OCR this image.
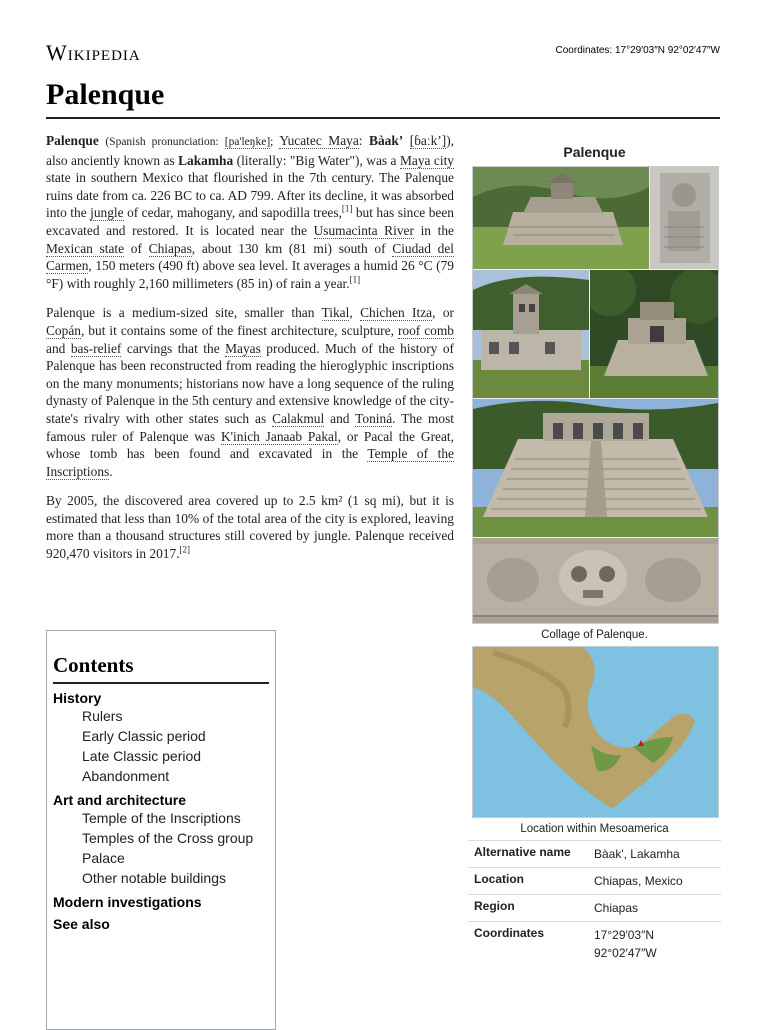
Wikipedia	Coordinates: 17°29′03″N 92°02′47″W
Palenque

Palenque (Spanish pronunciation: [pa'leŋke]; Yucatec Maya: Bàak’ [ɓaːkʼ]), also anciently known as Lakamha (literally: "Big Water"), was a Maya city state in southern Mexico that flourished in the 7th century. The Palenque ruins date from ca. 226 BC to ca. AD 799. After its decline, it was absorbed into the jungle of cedar, mahogany, and sapodilla trees,[1] but has since been excavated and restored. It is located near the Usumacinta River in the Mexican state of Chiapas, about 130 km (81 mi) south of Ciudad del Carmen, 150 meters (490 ft) above sea level. It averages a humid 26 °C (79 °F) with roughly 2,160 millimeters (85 in) of rain a year.[1]

Palenque is a medium-sized site, smaller than Tikal, Chichen Itza, or Copán, but it contains some of the finest architecture, sculpture, roof comb and bas-relief carvings that the Mayas produced. Much of the history of Palenque has been reconstructed from reading the hieroglyphic inscriptions on the many monuments; historians now have a long sequence of the ruling dynasty of Palenque in the 5th century and extensive knowledge of the city-state's rivalry with other states such as Calakmul and Toniná. The most famous ruler of Palenque was K'inich Janaab Pakal, or Pacal the Great, whose tomb has been found and excavated in the Temple of the Inscriptions.

By 2005, the discovered area covered up to 2.5 km² (1 sq mi), but it is estimated that less than 10% of the total area of the city is explored, leaving more than a thousand structures still covered by jungle. Palenque received 920,470 visitors in 2017.[2]

Contents
History
Rulers
Early Classic period
Late Classic period
Abandonment
Art and architecture
Temple of the Inscriptions
Temples of the Cross group
Palace
Other notable buildings
Modern investigations
See also
Palenque
Collage of Palenque.
Location within Mesoamerica
Alternative name	Bàak', Lakamha
Location	Chiapas, Mexico
Region	Chiapas
Coordinates	17°29′03″N
92°02′47″W
